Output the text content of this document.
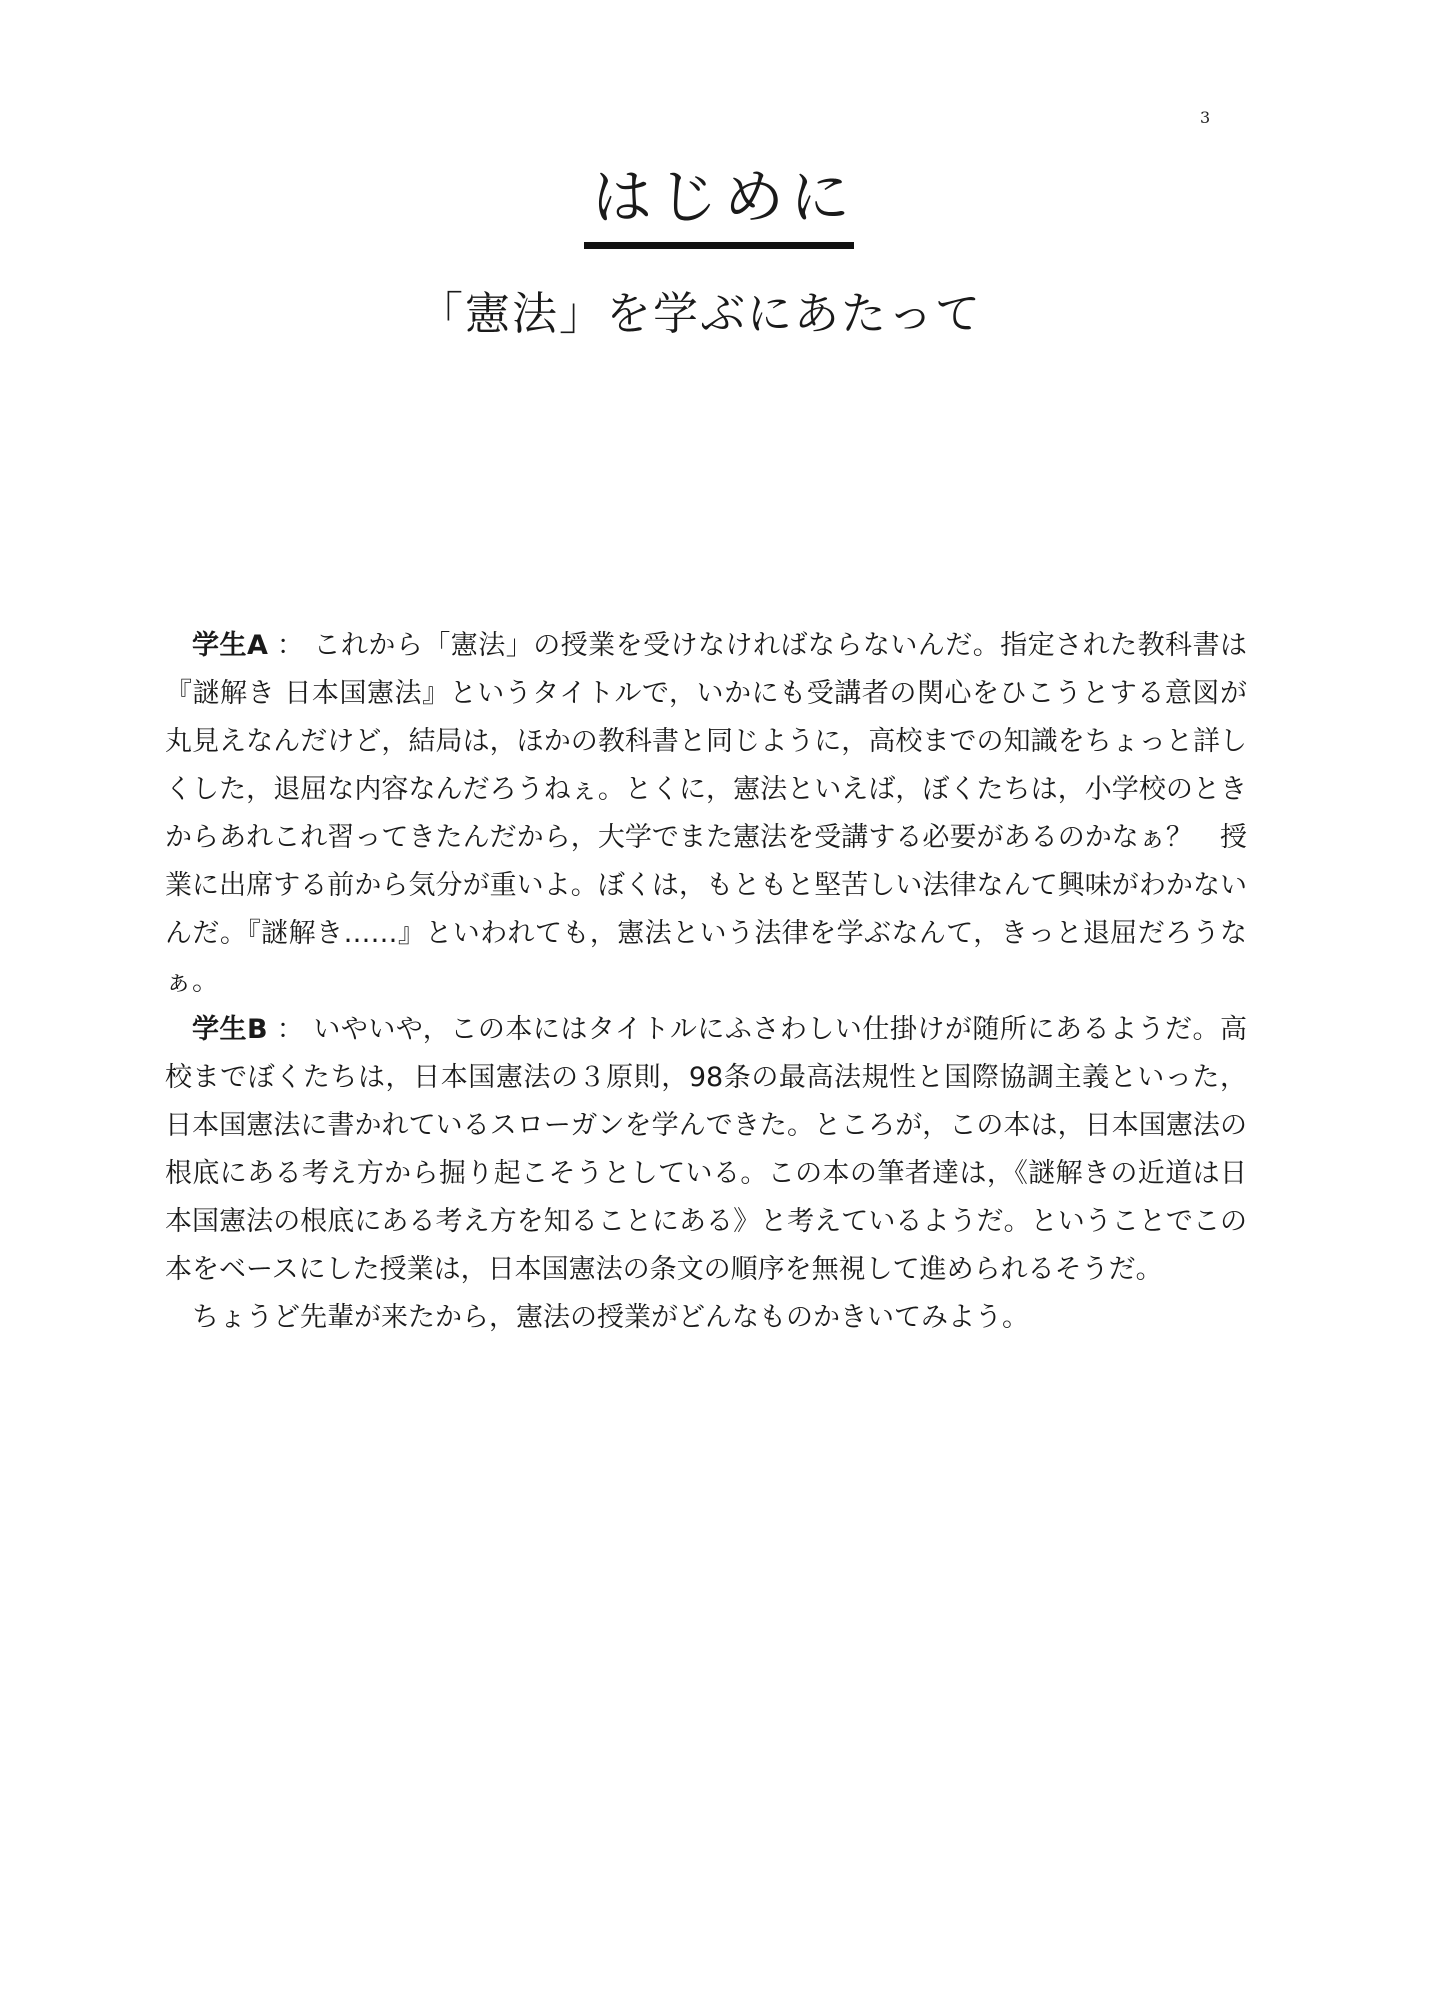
3
はじめに
「憲法」を学ぶにあたって

学生A ： これから「憲法」の授業を受けなければならないんだ。指定された教科書は『謎解き 日本国憲法』というタイトルで，いかにも受講者の関心をひこうとする意図が丸見えなんだけど，結局は，ほかの教科書と同じように，高校までの知識をちょっと詳しくした，退屈な内容なんだろうねぇ。とくに，憲法といえば，ぼくたちは，小学校のときからあれこれ習ってきたんだから，大学でまた憲法を受講する必要があるのかなぁ？　授業に出席する前から気分が重いよ。ぼくは，もともと堅苦しい法律なんて興味がわかないんだ。『謎解き……』といわれても，憲法という法律を学ぶなんて，きっと退屈だろうなぁ。

学生B ： いやいや，この本にはタイトルにふさわしい仕掛けが随所にあるようだ。高校までぼくたちは，日本国憲法の３原則，98条の最高法規性と国際協調主義といった，日本国憲法に書かれているスローガンを学んできた。ところが，この本は，日本国憲法の根底にある考え方から掘り起こそうとしている。この本の筆者達は，《謎解きの近道は日本国憲法の根底にある考え方を知ることにある》と考えているようだ。ということでこの本をベースにした授業は，日本国憲法の条文の順序を無視して進められるそうだ。

ちょうど先輩が来たから，憲法の授業がどんなものかきいてみよう。
